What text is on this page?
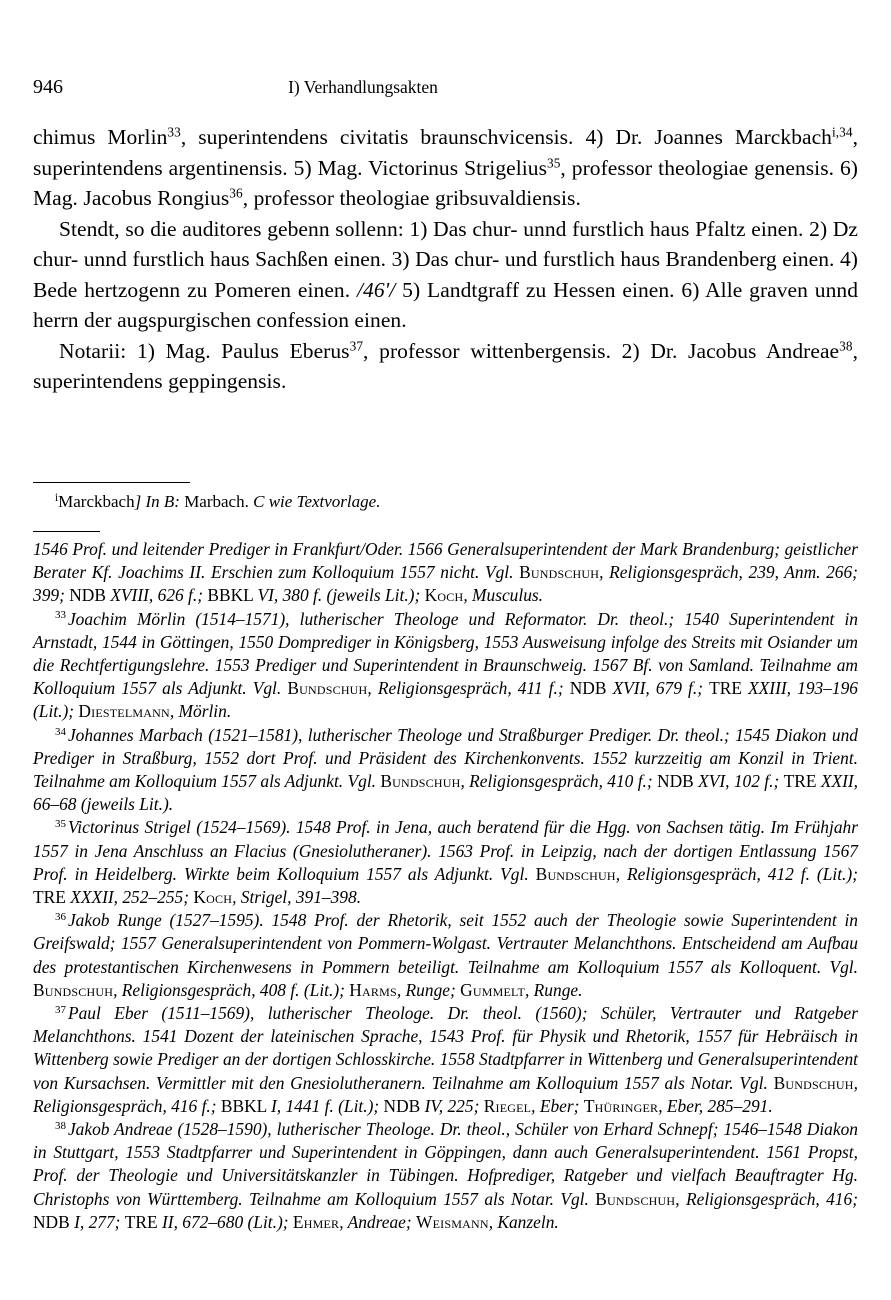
946	I) Verhandlungsakten

chimus Morlin$^{33}$, superintendens civitatis braunschvicensis. 4) Dr. Joannes Marckbach$^{i,34}$, superintendens argentinensis. 5) Mag. Victorinus Strigelius$^{35}$, professor theologiae genensis. 6) Mag. Jacobus Rongius$^{36}$, professor theologiae gribsuvaldiensis.

Stendt, so die auditores gebenn sollenn: 1) Das chur- unnd furstlich haus Pfaltz einen. 2) Dz chur- unnd furstlich haus Sachßen einen. 3) Das chur- und furstlich haus Brandenberg einen. 4) Bede hertzogenn zu Pomeren einen. /46'/ 5) Landtgraff zu Hessen einen. 6) Alle graven unnd herrn der augspurgischen confession einen.

Notarii: 1) Mag. Paulus Eberus$^{37}$, professor wittenbergensis. 2) Dr. Jacobus Andreae$^{38}$, superintendens geppingensis.

$^i$Marckbach] In B: Marbach. C wie Textvorlage.

1546 Prof. und leitender Prediger in Frankfurt/Oder. 1566 Generalsuperintendent der Mark Brandenburg; geistlicher Berater Kf. Joachims II. Erschien zum Kolloquium 1557 nicht. Vgl. Bundschuh, Religionsgespräch, 239, Anm. 266; 399; NDB XVIII, 626 f.; BBKL VI, 380 f. (jeweils Lit.); Koch, Musculus.

$^{33}$ Joachim Mörlin (1514–1571), lutherischer Theologe und Reformator. Dr. theol.; 1540 Superintendent in Arnstadt, 1544 in Göttingen, 1550 Domprediger in Königsberg, 1553 Ausweisung infolge des Streits mit Osiander um die Rechtfertigungslehre. 1553 Prediger und Superintendent in Braunschweig. 1567 Bf. von Samland. Teilnahme am Kolloquium 1557 als Adjunkt. Vgl. Bundschuh, Religionsgespräch, 411 f.; NDB XVII, 679 f.; TRE XXIII, 193–196 (Lit.); Diestelmann, Mörlin.

$^{34}$ Johannes Marbach (1521–1581), lutherischer Theologe und Straßburger Prediger. Dr. theol.; 1545 Diakon und Prediger in Straßburg, 1552 dort Prof. und Präsident des Kirchenkonvents. 1552 kurzzeitig am Konzil in Trient. Teilnahme am Kolloquium 1557 als Adjunkt. Vgl. Bundschuh, Religionsgespräch, 410 f.; NDB XVI, 102 f.; TRE XXII, 66–68 (jeweils Lit.).

$^{35}$ Victorinus Strigel (1524–1569). 1548 Prof. in Jena, auch beratend für die Hgg. von Sachsen tätig. Im Frühjahr 1557 in Jena Anschluss an Flacius (Gnesiolutheraner). 1563 Prof. in Leipzig, nach der dortigen Entlassung 1567 Prof. in Heidelberg. Wirkte beim Kolloquium 1557 als Adjunkt. Vgl. Bundschuh, Religionsgespräch, 412 f. (Lit.); TRE XXXII, 252–255; Koch, Strigel, 391–398.

$^{36}$ Jakob Runge (1527–1595). 1548 Prof. der Rhetorik, seit 1552 auch der Theologie sowie Superintendent in Greifswald; 1557 Generalsuperintendent von Pommern-Wolgast. Vertrauter Melanchthons. Entscheidend am Aufbau des protestantischen Kirchenwesens in Pommern beteiligt. Teilnahme am Kolloquium 1557 als Kolloquent. Vgl. Bundschuh, Religionsgespräch, 408 f. (Lit.); Harms, Runge; Gummelt, Runge.

$^{37}$ Paul Eber (1511–1569), lutherischer Theologe. Dr. theol. (1560); Schüler, Vertrauter und Ratgeber Melanchthons. 1541 Dozent der lateinischen Sprache, 1543 Prof. für Physik und Rhetorik, 1557 für Hebräisch in Wittenberg sowie Prediger an der dortigen Schlosskirche. 1558 Stadtpfarrer in Wittenberg und Generalsuperintendent von Kursachsen. Vermittler mit den Gnesiolutheranern. Teilnahme am Kolloquium 1557 als Notar. Vgl. Bundschuh, Religionsgespräch, 416 f.; BBKL I, 1441 f. (Lit.); NDB IV, 225; Riegel, Eber; Thüringer, Eber, 285–291.

$^{38}$ Jakob Andreae (1528–1590), lutherischer Theologe. Dr. theol., Schüler von Erhard Schnepf; 1546–1548 Diakon in Stuttgart, 1553 Stadtpfarrer und Superintendent in Göppingen, dann auch Generalsuperintendent. 1561 Propst, Prof. der Theologie und Universitätskanzler in Tübingen. Hofprediger, Ratgeber und vielfach Beauftragter Hg. Christophs von Württemberg. Teilnahme am Kolloquium 1557 als Notar. Vgl. Bundschuh, Religionsgespräch, 416; NDB I, 277; TRE II, 672–680 (Lit.); Ehmer, Andreae; Weismann, Kanzeln.
